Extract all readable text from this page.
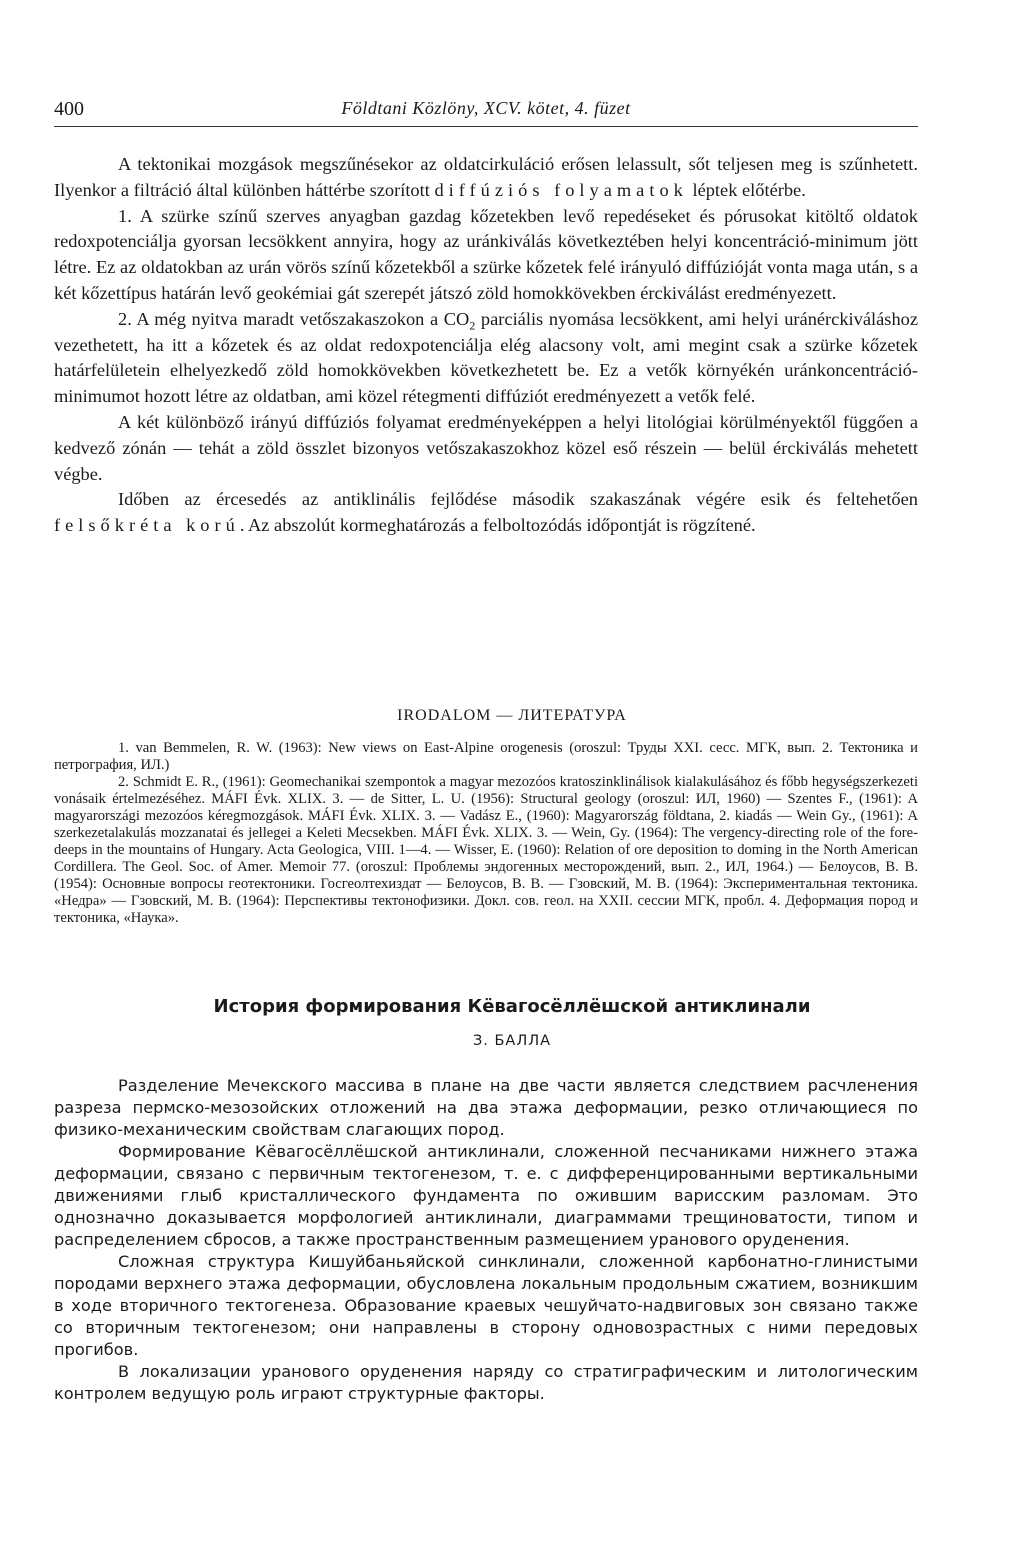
400	Földtani Közlöny, XCV. kötet, 4. füzet

A tektonikai mozgások megszűnésekor az oldatcirkuláció erősen lelassult, sőt teljesen meg is szűnhetett. Ilyenkor a filtráció által különben háttérbe szorított diffúziós folyamatok léptek előtérbe.

1. A szürke színű szerves anyagban gazdag kőzetekben levő repedéseket és pórusokat kitöltő oldatok redoxpotenciálja gyorsan lecsökkent annyira, hogy az uránkiválás következtében helyi koncentráció-minimum jött létre. Ez az oldatokban az urán vörös színű kőzetekből a szürke kőzetek felé irányuló diffúzióját vonta maga után, s a két kőzettípus határán levő geokémiai gát szerepét játszó zöld homokkövekben érckiválást eredményezett.

2. A még nyitva maradt vetőszakaszokon a $CO_2$ parciális nyomása lecsökkent, ami helyi uránérckiváláshoz vezethetett, ha itt a kőzetek és az oldat redoxpotenciálja elég alacsony volt, ami megint csak a szürke kőzetek határfelületein elhelyezkedő zöld homokkövekben következhetett be. Ez a vetők környékén uránkoncentráció-minimumot hozott létre az oldatban, ami közel rétegmenti diffúziót eredményezett a vetők felé.

A két különböző irányú diffúziós folyamat eredményeképpen a helyi litológiai körülményektől függően a kedvező zónán — tehát a zöld összlet bizonyos vetőszakaszokhoz közel eső részein — belül érckiválás mehetett végbe.

Időben az ércesedés az antiklinális fejlődése második szakaszának végére esik és feltehetően felsőkréta korú. Az abszolút kormeghatározás a felboltozódás időpontját is rögzítené.

IRODALOM — ЛИТЕРАТУРА

1. van Bemmelen, R. W. (1963): New views on East-Alpine orogenesis (oroszul: Труды XXI. сесс. МГК, вып. 2. Тектоника и петрография, ИЛ.)

2. Schmidt E. R., (1961): Geomechanikai szempontok a magyar mezozóos kratoszinklinálisok kialakulásához és főbb hegységszerkezeti vonásaik értelmezéséhez. MÁFI Évk. XLIX. 3. — de Sitter, L. U. (1956): Structural geology (oroszul: ИЛ, 1960) — Szentes F., (1961): A magyarországi mezozóos kéregmozgások. MÁFI Évk. XLIX. 3. — Vadász E., (1960): Magyarország földtana, 2. kiadás — Wein Gy., (1961): A szerkezetalakulás mozzanatai és jellegei a Keleti Mecsekben. MÁFI Évk. XLIX. 3. — Wein, Gy. (1964): The vergency-directing role of the fore-deeps in the mountains of Hungary. Acta Geologica, VIII. 1—4. — Wisser, E. (1960): Relation of ore deposition to doming in the North American Cordillera. The Geol. Soc. of Amer. Memoir 77. (oroszul: Проблемы эндогенных месторождений, вып. 2., ИЛ, 1964.) — Белоусов, В. В. (1954): Основные вопросы геотектоники. Госгеолтехиздат — Белоусов, В. В. — Гзовский, М. В. (1964): Экспериментальная тектоника. «Недра» — Гзовский, М. В. (1964): Перспективы тектонофизики. Докл. сов. геол. на XXII. сессии МГК, пробл. 4. Деформация пород и тектоника, «Наука».

История формирования Кёвагосёллёшской антиклинали
З. БАЛЛА

Разделение Мечекского массива в плане на две части является следствием расчленения разреза пермско-мезозойских отложений на два этажа деформации, резко отличающиеся по физико-механическим свойствам слагающих пород.

Формирование Кёвагосёллёшской антиклинали, сложенной песчаниками нижнего этажа деформации, связано с первичным тектогенезом, т. е. с дифференцированными вертикальными движениями глыб кристаллического фундамента по ожившим варисским разломам. Это однозначно доказывается морфологией антиклинали, диаграммами трещиноватости, типом и распределением сбросов, а также пространственным размещением уранового оруденения.

Сложная структура Кишуйбаньяйской синклинали, сложенной карбонатно-глинистыми породами верхнего этажа деформации, обусловлена локальным продольным сжатием, возникшим в ходе вторичного тектогенеза. Образование краевых чешуйчато-надвиговых зон связано также со вторичным тектогенезом; они направлены в сторону одновозрастных с ними передовых прогибов.

В локализации уранового оруденения наряду со стратиграфическим и литологическим контролем ведущую роль играют структурные факторы.
